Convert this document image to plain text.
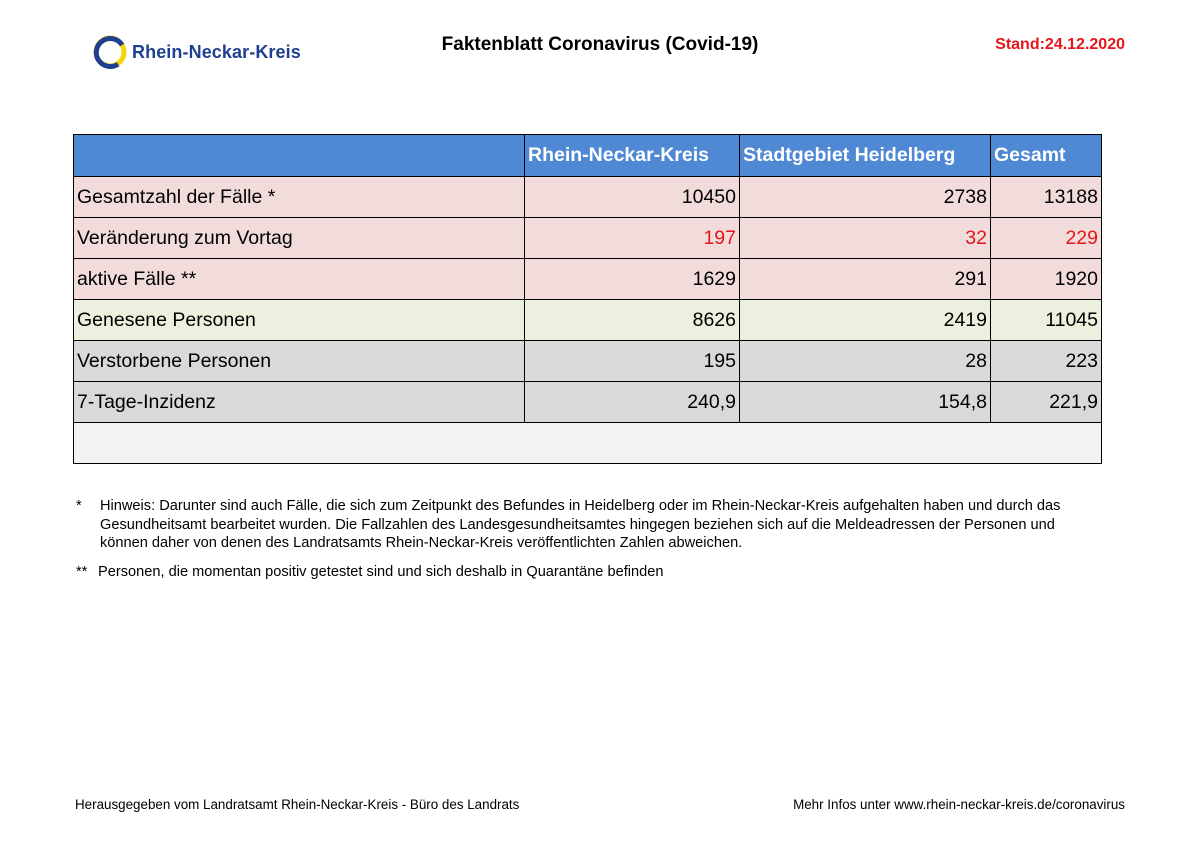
Rhein-Neckar-Kreis	Faktenblatt Coronavirus (Covid-19)	Stand:24.12.2020
	Rhein-Neckar-Kreis	Stadtgebiet Heidelberg	Gesamt
Gesamtzahl der Fälle *	10450	2738	13188
Veränderung zum Vortag	197	32	229
aktive Fälle **	1629	291	1920
Genesene Personen	8626	2419	11045
Verstorbene Personen	195	28	223
7-Tage-Inzidenz	240,9	154,8	221,9

*	Hinweis: Darunter sind auch Fälle, die sich zum Zeitpunkt des Befundes in Heidelberg oder im Rhein-Neckar-Kreis aufgehalten haben und durch das Gesundheitsamt bearbeitet wurden. Die Fallzahlen des Landesgesundheitsamtes hingegen beziehen sich auf die Meldeadressen der Personen und können daher von denen des Landratsamts Rhein-Neckar-Kreis veröffentlichten Zahlen abweichen.
** Personen, die momentan positiv getestet sind und sich deshalb in Quarantäne befinden
Herausgegeben vom Landratsamt Rhein-Neckar-Kreis - Büro des Landrats	Mehr Infos unter www.rhein-neckar-kreis.de/coronavirus
